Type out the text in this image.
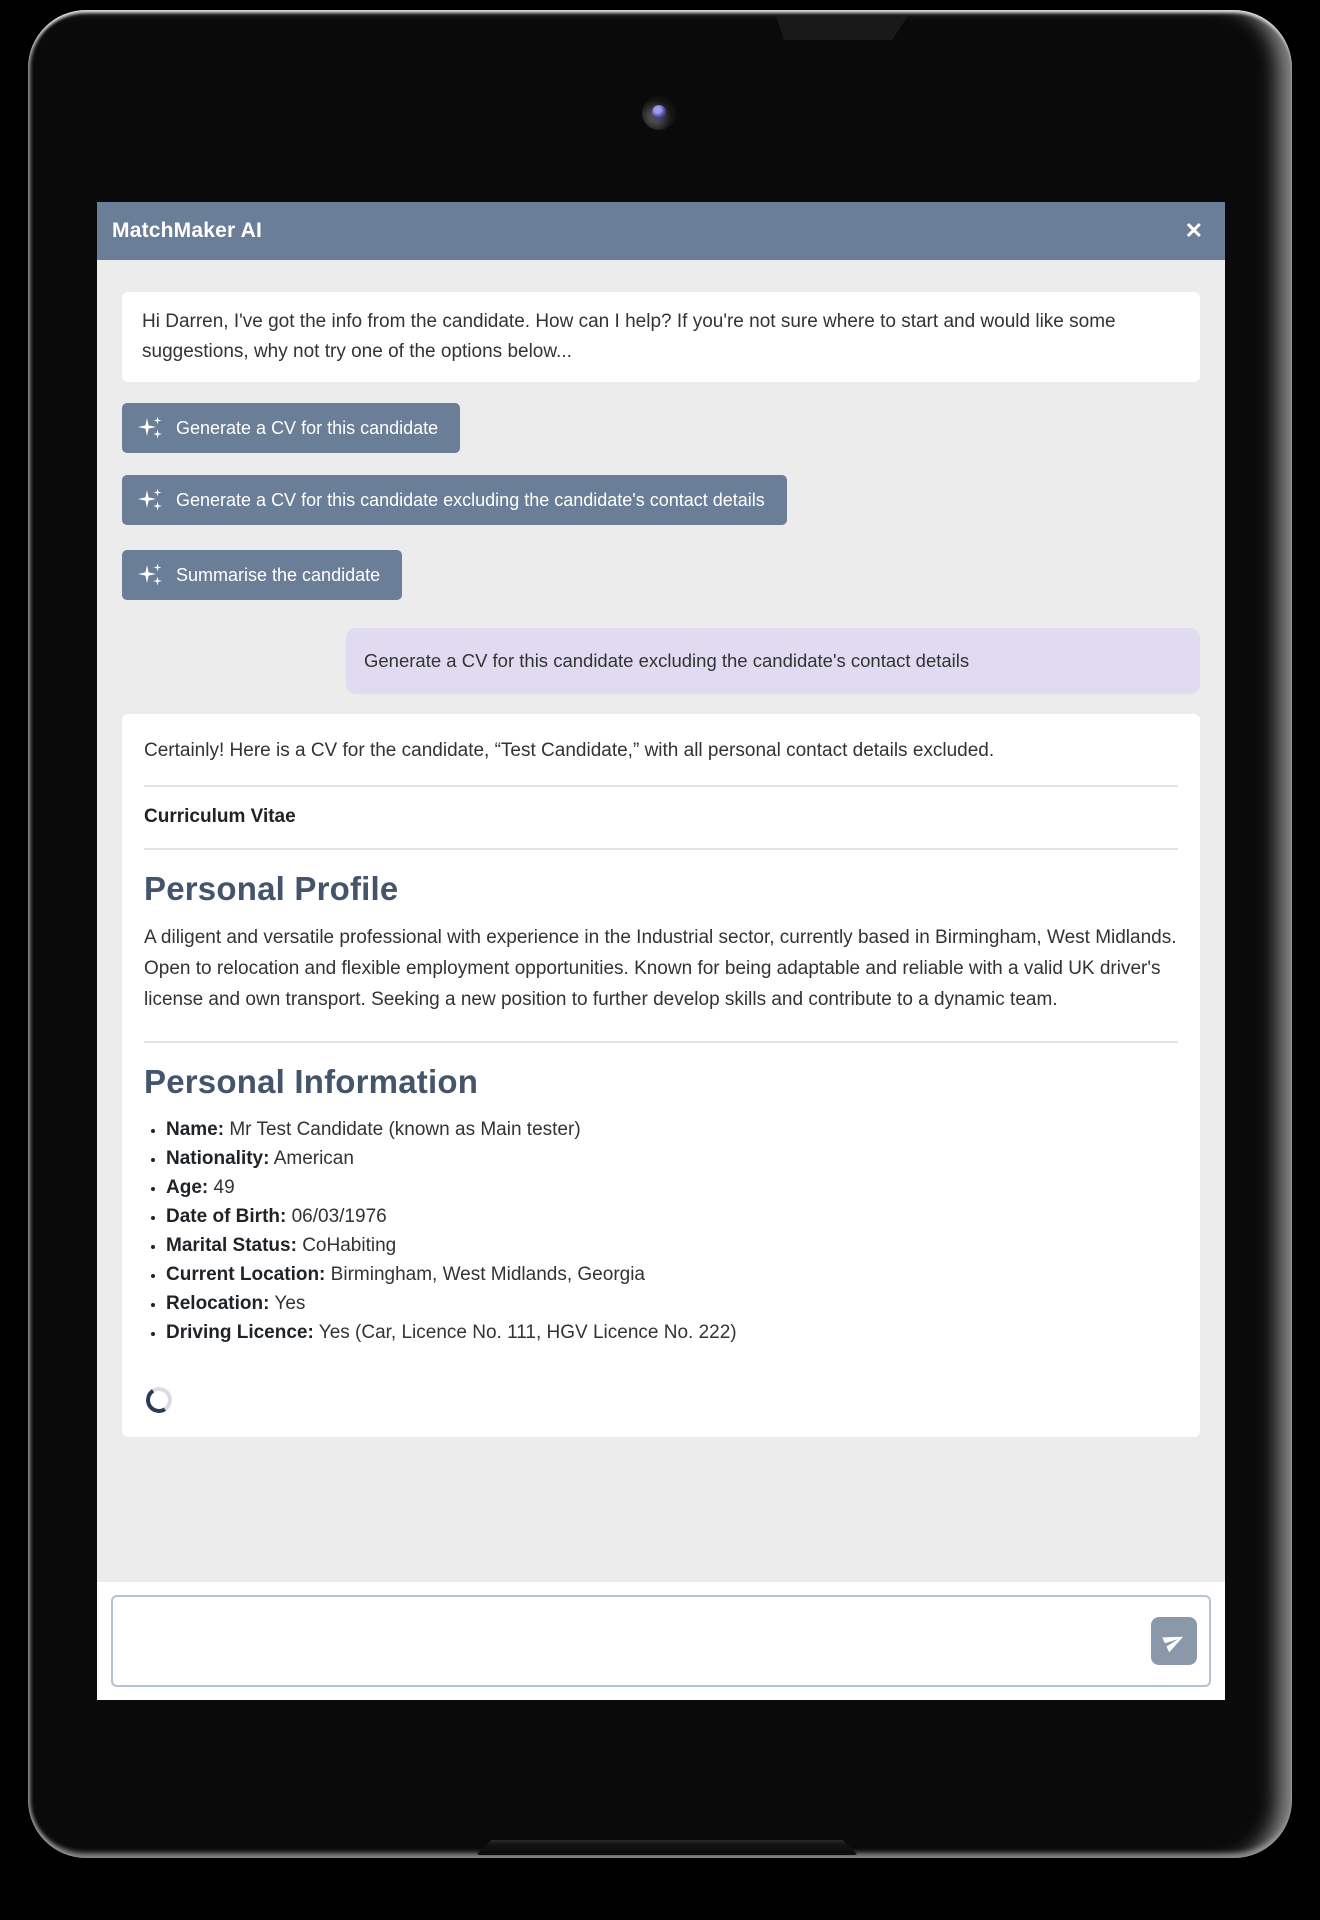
MatchMaker AI	✕
Hi Darren, I've got the info from the candidate. How can I help? If you're not sure where to start and would like some suggestions, why not try one of the options below...
Generate a CV for this candidate
Generate a CV for this candidate excluding the candidate's contact details
Summarise the candidate
Generate a CV for this candidate excluding the candidate's contact details

Certainly! Here is a CV for the candidate, “Test Candidate,” with all personal contact details excluded.

Curriculum Vitae

Personal Profile

A diligent and versatile professional with experience in the Industrial sector, currently based in Birmingham, West Midlands. Open to relocation and flexible employment opportunities. Known for being adaptable and reliable with a valid UK driver's license and own transport. Seeking a new position to further develop skills and contribute to a dynamic team.

Personal Information
• Name: Mr Test Candidate (known as Main tester)
• Nationality: American
• Age: 49
• Date of Birth: 06/03/1976
• Marital Status: CoHabiting
• Current Location: Birmingham, West Midlands, Georgia
• Relocation: Yes
• Driving Licence: Yes (Car, Licence No. 111, HGV Licence No. 222)
